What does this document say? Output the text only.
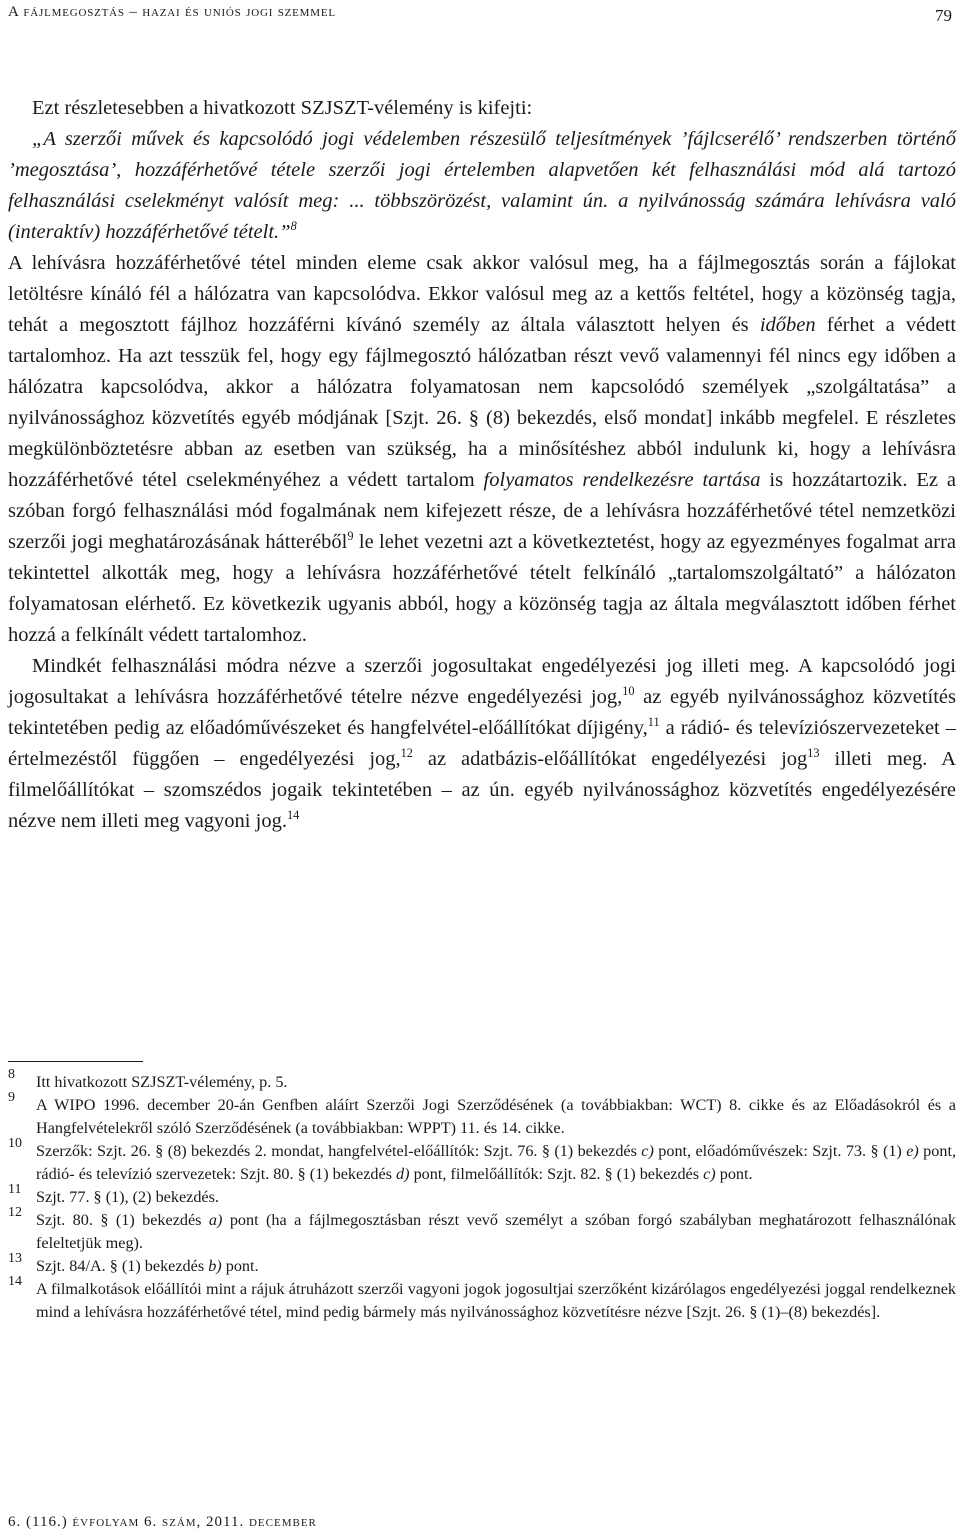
A fájlmegosztás – hazai és uniós jogi szemmel	79

Ezt részletesebben a hivatkozott SZJSZT-vélemény is kifejti:

„A szerzői művek és kapcsolódó jogi védelemben részesülő teljesítmények ’fájlcserélő’ rendszerben történő ’megosztása’, hozzáférhetővé tétele szerzői jogi értelemben alapvetően két felhasználási mód alá tartozó felhasználási cselekményt valósít meg: ... többszörözést, valamint ún. a nyilvánosság számára lehívásra való (interaktív) hozzáférhetővé tételt.”$^8$

A lehívásra hozzáférhetővé tétel minden eleme csak akkor valósul meg, ha a fájlmegosztás során a fájlokat letöltésre kínáló fél a hálózatra van kapcsolódva. Ekkor valósul meg az a kettős feltétel, hogy a közönség tagja, tehát a megosztott fájlhoz hozzáférni kívánó személy az általa választott helyen és időben férhet a védett tartalomhoz. Ha azt tesszük fel, hogy egy fájlmegosztó hálózatban részt vevő valamennyi fél nincs egy időben a hálózatra kapcsolódva, akkor a hálózatra folyamatosan nem kapcsolódó személyek „szolgáltatása” a nyilvánossághoz közvetítés egyéb módjának [Szjt. 26. § (8) bekezdés, első mondat] inkább megfelel. E részletes megkülönböztetésre abban az esetben van szükség, ha a minősítéshez abból indulunk ki, hogy a lehívásra hozzáférhetővé tétel cselekményéhez a védett tartalom folyamatos rendelkezésre tartása is hozzátartozik. Ez a szóban forgó felhasználási mód fogalmának nem kifejezett része, de a lehívásra hozzáférhetővé tétel nemzetközi szerzői jogi meghatározásának hátteréből$^9$ le lehet vezetni azt a következtetést, hogy az egyezményes fogalmat arra tekintettel alkották meg, hogy a lehívásra hozzáférhetővé tételt felkínáló „tartalomszolgáltató” a hálózaton folyamatosan elérhető. Ez következik ugyanis abból, hogy a közönség tagja az általa megválasztott időben férhet hozzá a felkínált védett tartalomhoz.

Mindkét felhasználási módra nézve a szerzői jogosultakat engedélyezési jog illeti meg. A kapcsolódó jogi jogosultakat a lehívásra hozzáférhetővé tételre nézve engedélyezési jog,$^{10}$ az egyéb nyilvánossághoz közvetítés tekintetében pedig az előadóművészeket és hangfelvétel-előállítókat díjigény,$^{11}$ a rádió- és televíziószervezeteket – értelmezéstől függően – engedélyezési jog,$^{12}$ az adatbázis-előállítókat engedélyezési jog$^{13}$ illeti meg. A filmelőállítókat – szomszédos jogaik tekintetében – az ún. egyéb nyilvánossághoz közvetítés engedélyezésére nézve nem illeti meg vagyoni jog.$^{14}$

8 Itt hivatkozott SZJSZT-vélemény, p. 5.
9 A WIPO 1996. december 20-án Genfben aláírt Szerzői Jogi Szerződésének (a továbbiakban: WCT) 8. cikke és az Előadásokról és a Hangfelvételekről szóló Szerződésének (a továbbiakban: WPPT) 11. és 14. cikke.
10 Szerzők: Szjt. 26. § (8) bekezdés 2. mondat, hangfelvétel-előállítók: Szjt. 76. § (1) bekezdés c) pont, előadóművészek: Szjt. 73. § (1) e) pont, rádió- és televízió szervezetek: Szjt. 80. § (1) bekezdés d) pont, filmelőállítók: Szjt. 82. § (1) bekezdés c) pont.
11 Szjt. 77. § (1), (2) bekezdés.
12 Szjt. 80. § (1) bekezdés a) pont (ha a fájlmegosztásban részt vevő személyt a szóban forgó szabályban meghatározott felhasználónak feleltetjük meg).
13 Szjt. 84/A. § (1) bekezdés b) pont.
14 A filmalkotások előállítói mint a rájuk átruházott szerzői vagyoni jogok jogosultjai szerzőként kizárólagos engedélyezési joggal rendelkeznek mind a lehívásra hozzáférhetővé tétel, mind pedig bármely más nyilvánossághoz közvetítésre nézve [Szjt. 26. § (1)–(8) bekezdés].
6. (116.) évfolyam 6. szám, 2011. december
